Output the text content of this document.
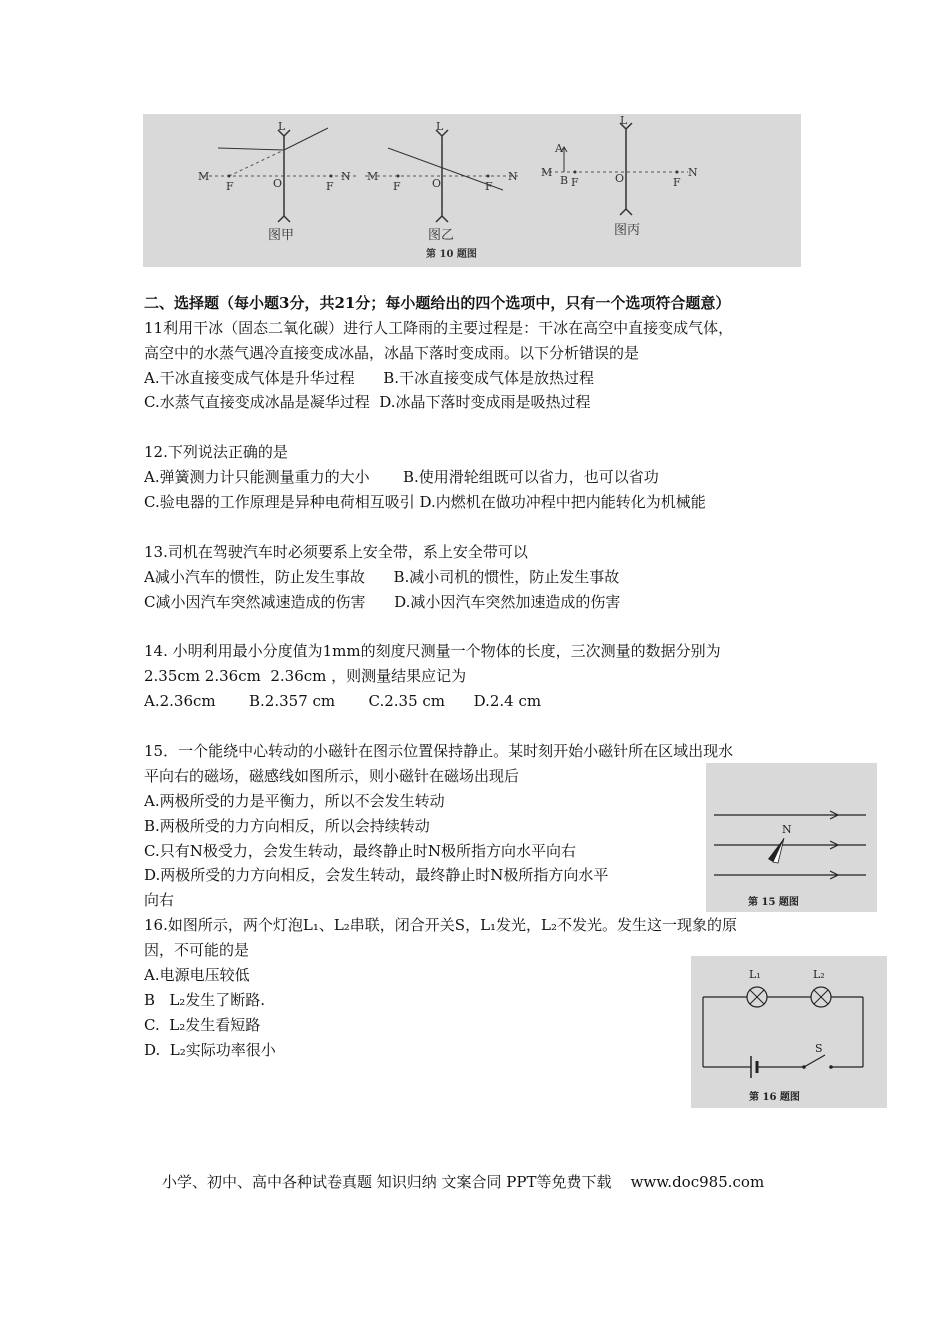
M
F	O
L
F
N
图甲
M
F	O
L
F
N
图乙
A
M
B F	O
L
F
N
图丙
第 10 题图
二、选择题（每小题3分，共21分；每小题给出的四个选项中，只有一个选项符合题意）
11利用干冰（固态二氧化碳）进行人工降雨的主要过程是：干冰在高空中直接变成气体，
高空中的水蒸气遇冷直接变成冰晶，冰晶下落时变成雨。以下分析错误的是
A.干冰直接变成气体是升华过程      B.干冰直接变成气体是放热过程
C.水蒸气直接变成冰晶是凝华过程  D.冰晶下落时变成雨是吸热过程
12.下列说法正确的是
A.弹簧测力计只能测量重力的大小       B.使用滑轮组既可以省力，也可以省功
C.验电器的工作原理是异种电荷相互吸引 D.内燃机在做功冲程中把内能转化为机械能
13.司机在驾驶汽车时必须要系上安全带，系上安全带可以
A减小汽车的惯性，防止发生事故      B.减小司机的惯性，防止发生事故
C减小因汽车突然减速造成的伤害      D.减小因汽车突然加速造成的伤害
14. 小明利用最小分度值为1mm的刻度尺测量一个物体的长度，三次测量的数据分别为
2.35cm 2.36cm  2.36cm ，则测量结果应记为
A.2.36cm       B.2.357 cm       C.2.35 cm      D.2.4 cm
15．一个能绕中心转动的小磁针在图示位置保持静止。某时刻开始小磁针所在区域出现水
平向右的磁场，磁感线如图所示，则小磁针在磁场出现后
A.两极所受的力是平衡力，所以不会发生转动
B.两极所受的力方向相反，所以会持续转动
C.只有N极受力，会发生转动，最终静止时N极所指方向水平向右
D.两极所受的力方向相反，会发生转动，最终静止时N极所指方向水平
向右
N
第 15 题图
16.如图所示，两个灯泡L₁、L₂串联，闭合开关S，L₁发光，L₂不发光。发生这一现象的原
因，不可能的是
A.电源电压较低
B   L₂发生了断路.
C.  L₂发生看短路
D.  L₂实际功率很小
L₁	L₂
S
第 16 题图
小学、初中、高中各种试卷真题 知识归纳 文案合同 PPT等免费下载    www.doc985.com
